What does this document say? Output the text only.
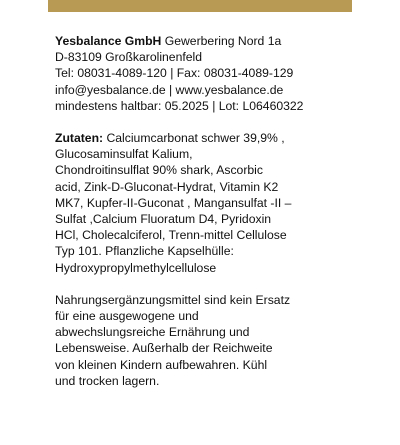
Yesbalance GmbH Gewerbering Nord 1a
D-83109 Großkarolinenfeld
Tel: 08031-4089-120 | Fax: 08031-4089-129
info@yesbalance.de | www.yesbalance.de
mindestens haltbar: 05.2025 | Lot: L06460322
Zutaten: Calciumcarbonat schwer 39,9% ,
Glucosaminsulfat Kalium,
Chondroitinsulflat 90% shark, Ascorbic
acid, Zink-D-Gluconat-Hydrat, Vitamin K2
MK7, Kupfer-II-Guconat , Mangansulfat -II –
Sulfat ,Calcium Fluoratum D4, Pyridoxin
HCl, Cholecalciferol, Trenn-mittel Cellulose
Typ 101. Pflanzliche Kapselhülle:
Hydroxypropylmethylcellulose
Nahrungsergänzungsmittel sind kein Ersatz
für eine ausgewogene und
abwechslungsreiche Ernährung und
Lebensweise. Außerhalb der Reichweite
von kleinen Kindern aufbewahren. Kühl
und trocken lagern.
